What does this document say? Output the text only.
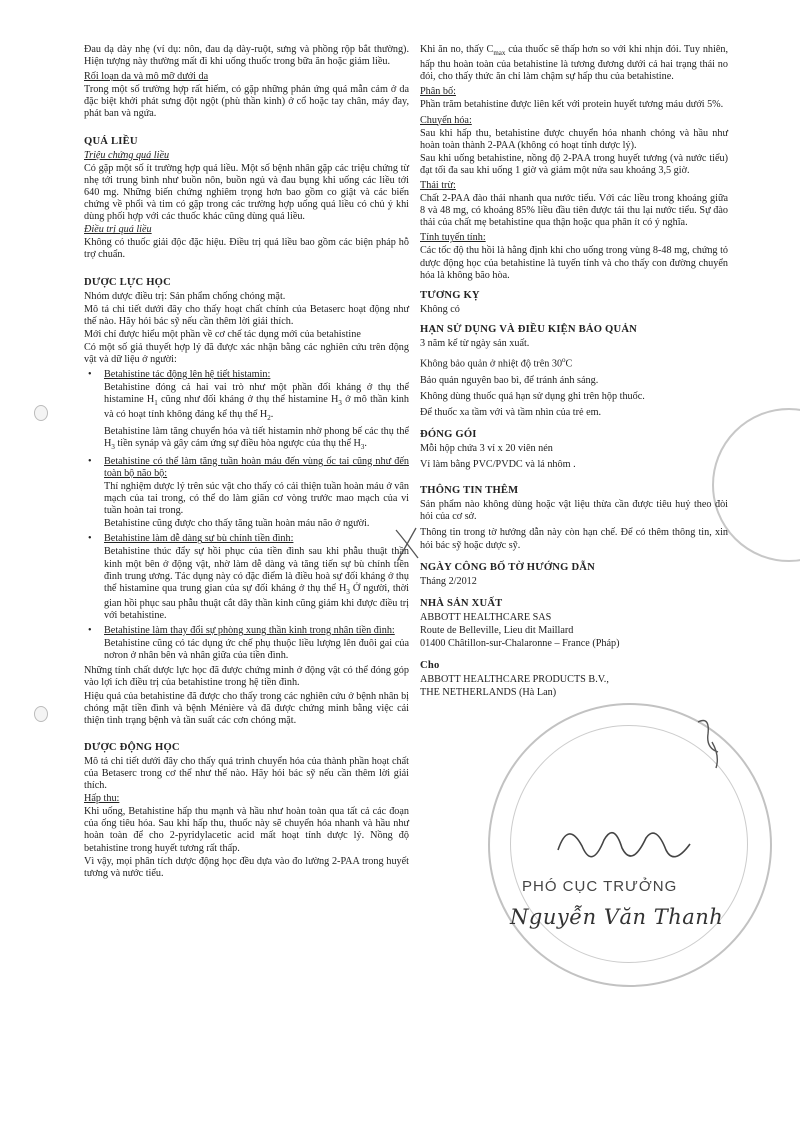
Đau dạ dày nhẹ (ví dụ: nôn, đau dạ dày-ruột, sưng và phồng rộp bắt thường). Hiện tượng này thường mất đi khi uống thuốc trong bữa ăn hoặc giảm liều.

Rối loạn da và mô mỡ dưới da

Trong một số trường hợp rất hiếm, có gặp những phản ứng quá mẫn cảm ở da đặc biệt khởi phát sưng đột ngột (phù thần kinh) ở cổ hoặc tay chân, máy đay, phát ban và ngứa.

QUÁ LIỀU

Triệu chứng quá liều

Có gặp một số ít trường hợp quá liều. Một số bệnh nhân gặp các triệu chứng từ nhẹ tới trung bình như buồn nôn, buồn ngủ và đau bụng khi uống các liều tới 640 mg. Những biến chứng nghiêm trọng hơn bao gồm co giật và các biến chứng về phổi và tim có gặp trong các trường hợp uống quá liều có chủ ý khi dùng phối hợp với các thuốc khác cũng dùng quá liều.

Điều trị quá liều

Không có thuốc giải độc đặc hiệu. Điều trị quá liều bao gồm các biện pháp hỗ trợ chuẩn.

DƯỢC LỰC HỌC

Nhóm dược điều trị: Sản phẩm chống chóng mặt.

Mô tả chi tiết dưới đây cho thấy hoạt chất chính của Betaserc hoạt động như thế nào. Hãy hỏi bác sỹ nếu cần thêm lời giải thích.

Mới chỉ được hiểu một phần về cơ chế tác dụng mới của betahistine

Có một số giả thuyết hợp lý đã được xác nhận bằng các nghiên cứu trên động vật và dữ liệu ở người:

• Betahistine tác động lên hệ tiết histamin:

Betahistine đóng cả hai vai trò như một phần đối kháng ở thụ thể histamine $H_1$ cũng như đối kháng ở thụ thể histamine $H_3$ ở mô thần kinh và có hoạt tính không đáng kể thụ thể $H_2$.

Betahistine làm tăng chuyển hóa và tiết histamin nhờ phong bế các thụ thể $H_3$ tiền synáp và gây cảm ứng sự điều hòa ngược của thụ thể $H_3$.

• Betahistine có thể làm tăng tuần hoàn máu đến vùng ốc tai cũng như đến toàn bộ não bộ:

Thí nghiệm dược lý trên súc vật cho thấy có cải thiện tuần hoàn máu ở vân mạch của tai trong, có thể do làm giãn cơ vòng trước mao mạch của vi tuần hoàn tai trong.

Betahistine cũng được cho thấy tăng tuần hoàn máu não ở người.

• Betahistine làm dễ dàng sự bù chỉnh tiền đình:

Betahistine thúc đẩy sự hồi phục của tiền đình sau khi phẫu thuật thần kinh một bên ở động vật, nhờ làm dễ dàng và tăng tiến sự bù chỉnh tiền đình trung ương. Tác dụng này có đặc điểm là điều hoà sự đối kháng ở thụ thể histamine qua trung gian của sự đối kháng ở thụ thể $H_3$ Ở người, thời gian hồi phục sau phẫu thuật cắt dây thần kinh cũng giảm khi được điều trị với betahistine.

• Betahistine làm thay đổi sự phòng xung thần kinh trong nhân tiền đình:

Betahistine cũng có tác dụng ức chế phụ thuộc liều lượng lên đuôi gai của nơron ở nhân bên và nhân giữa của tiền đình.

Những tính chất dược lực học đã được chứng minh ở động vật có thể đóng góp vào lợi ích điều trị của betahistine trong hệ tiền đình.

Hiệu quả của betahistine đã được cho thấy trong các nghiên cứu ở bệnh nhân bị chóng mặt tiền đình và bệnh Ménière và đã được chứng minh bằng việc cải thiện tình trạng bệnh và tần suất các cơn chóng mặt.

DƯỢC ĐỘNG HỌC

Mô tả chi tiết dưới đây cho thấy quá trình chuyển hóa của thành phần hoạt chất của Betaserc trong cơ thể như thế nào. Hãy hỏi bác sỹ nếu cần thêm lời giải thích.

Hấp thu:

Khi uống, Betahistine hấp thu mạnh và hầu như hoàn toàn qua tất cả các đoạn của ống tiêu hóa. Sau khi hấp thu, thuốc này sẽ chuyển hóa nhanh và hầu như hoàn toàn để cho 2-pyridylacetic acid mất hoạt tính dược lý. Nồng độ betahistine trong huyết tương rất thấp.

Vì vậy, mọi phân tích dược động học đều dựa vào đo lường 2-PAA trong huyết tương và nước tiểu.

Khi ăn no, thấy $C_{max}$ của thuốc sẽ thấp hơn so với khi nhịn đói. Tuy nhiên, hấp thu hoàn toàn của betahistine là tương đương dưới cả hai trạng thái no đói, cho thấy thức ăn chỉ làm chậm sự hấp thu của betahistine.

Phân bố:

Phần trăm betahistine được liên kết với protein huyết tương máu dưới 5%.

Chuyển hóa:

Sau khi hấp thu, betahistine được chuyển hóa nhanh chóng và hầu như hoàn toàn thành 2-PAA (không có hoạt tính dược lý).

Sau khi uống betahistine, nồng độ 2-PAA trong huyết tương (và nước tiểu) đạt tối đa sau khi uống 1 giờ và giảm một nửa sau khoảng 3,5 giờ.

Thải trừ:

Chất 2-PAA đào thải nhanh qua nước tiểu. Với các liều trong khoảng giữa 8 và 48 mg, có khoảng 85% liều đầu tiên được tái thu lại nước tiểu. Sự đào thải của chất mẹ betahistine qua thận hoặc qua phân ít có ý nghĩa.

Tính tuyến tính:

Các tốc độ thu hồi là hằng định khi cho uống trong vùng 8-48 mg, chứng tỏ dược động học của betahistine là tuyến tính và cho thấy con đường chuyển hóa là không bão hòa.

TƯƠNG KỴ

Không có

HẠN SỬ DỤNG VÀ ĐIỀU KIỆN BẢO QUẢN

3 năm kể từ ngày sản xuất.

Không bảo quản ở nhiệt độ trên 30$^o$C

Bảo quản nguyên bao bì, để tránh ánh sáng.

Không dùng thuốc quá hạn sử dụng ghi trên hộp thuốc.

Để thuốc xa tầm với và tầm nhìn của trẻ em.

ĐÓNG GÓI

Mỗi hộp chứa 3 vỉ x 20 viên nén

Vỉ làm bằng PVC/PVDC và lá nhôm .

THÔNG TIN THÊM

Sản phẩm nào không dùng hoặc vật liệu thừa cần được tiêu huỷ theo đòi hỏi của cơ sở.

Thông tin trong tờ hướng dẫn này còn hạn chế. Để có thêm thông tin, xin hỏi bác sỹ hoặc dược sỹ.

NGÀY CÔNG BỐ TỜ HƯỚNG DẪN

Tháng 2/2012

NHÀ SẢN XUẤT

ABBOTT HEALTHCARE SAS

Route de Belleville, Lieu dit Maillard

01400 Châtillon-sur-Chalaronne – France (Pháp)

Cho

ABBOTT HEALTHCARE PRODUCTS B.V.,

THE NETHERLANDS (Hà Lan)

PHÓ CỤC TRƯỞNG
Nguyễn Văn Thanh
